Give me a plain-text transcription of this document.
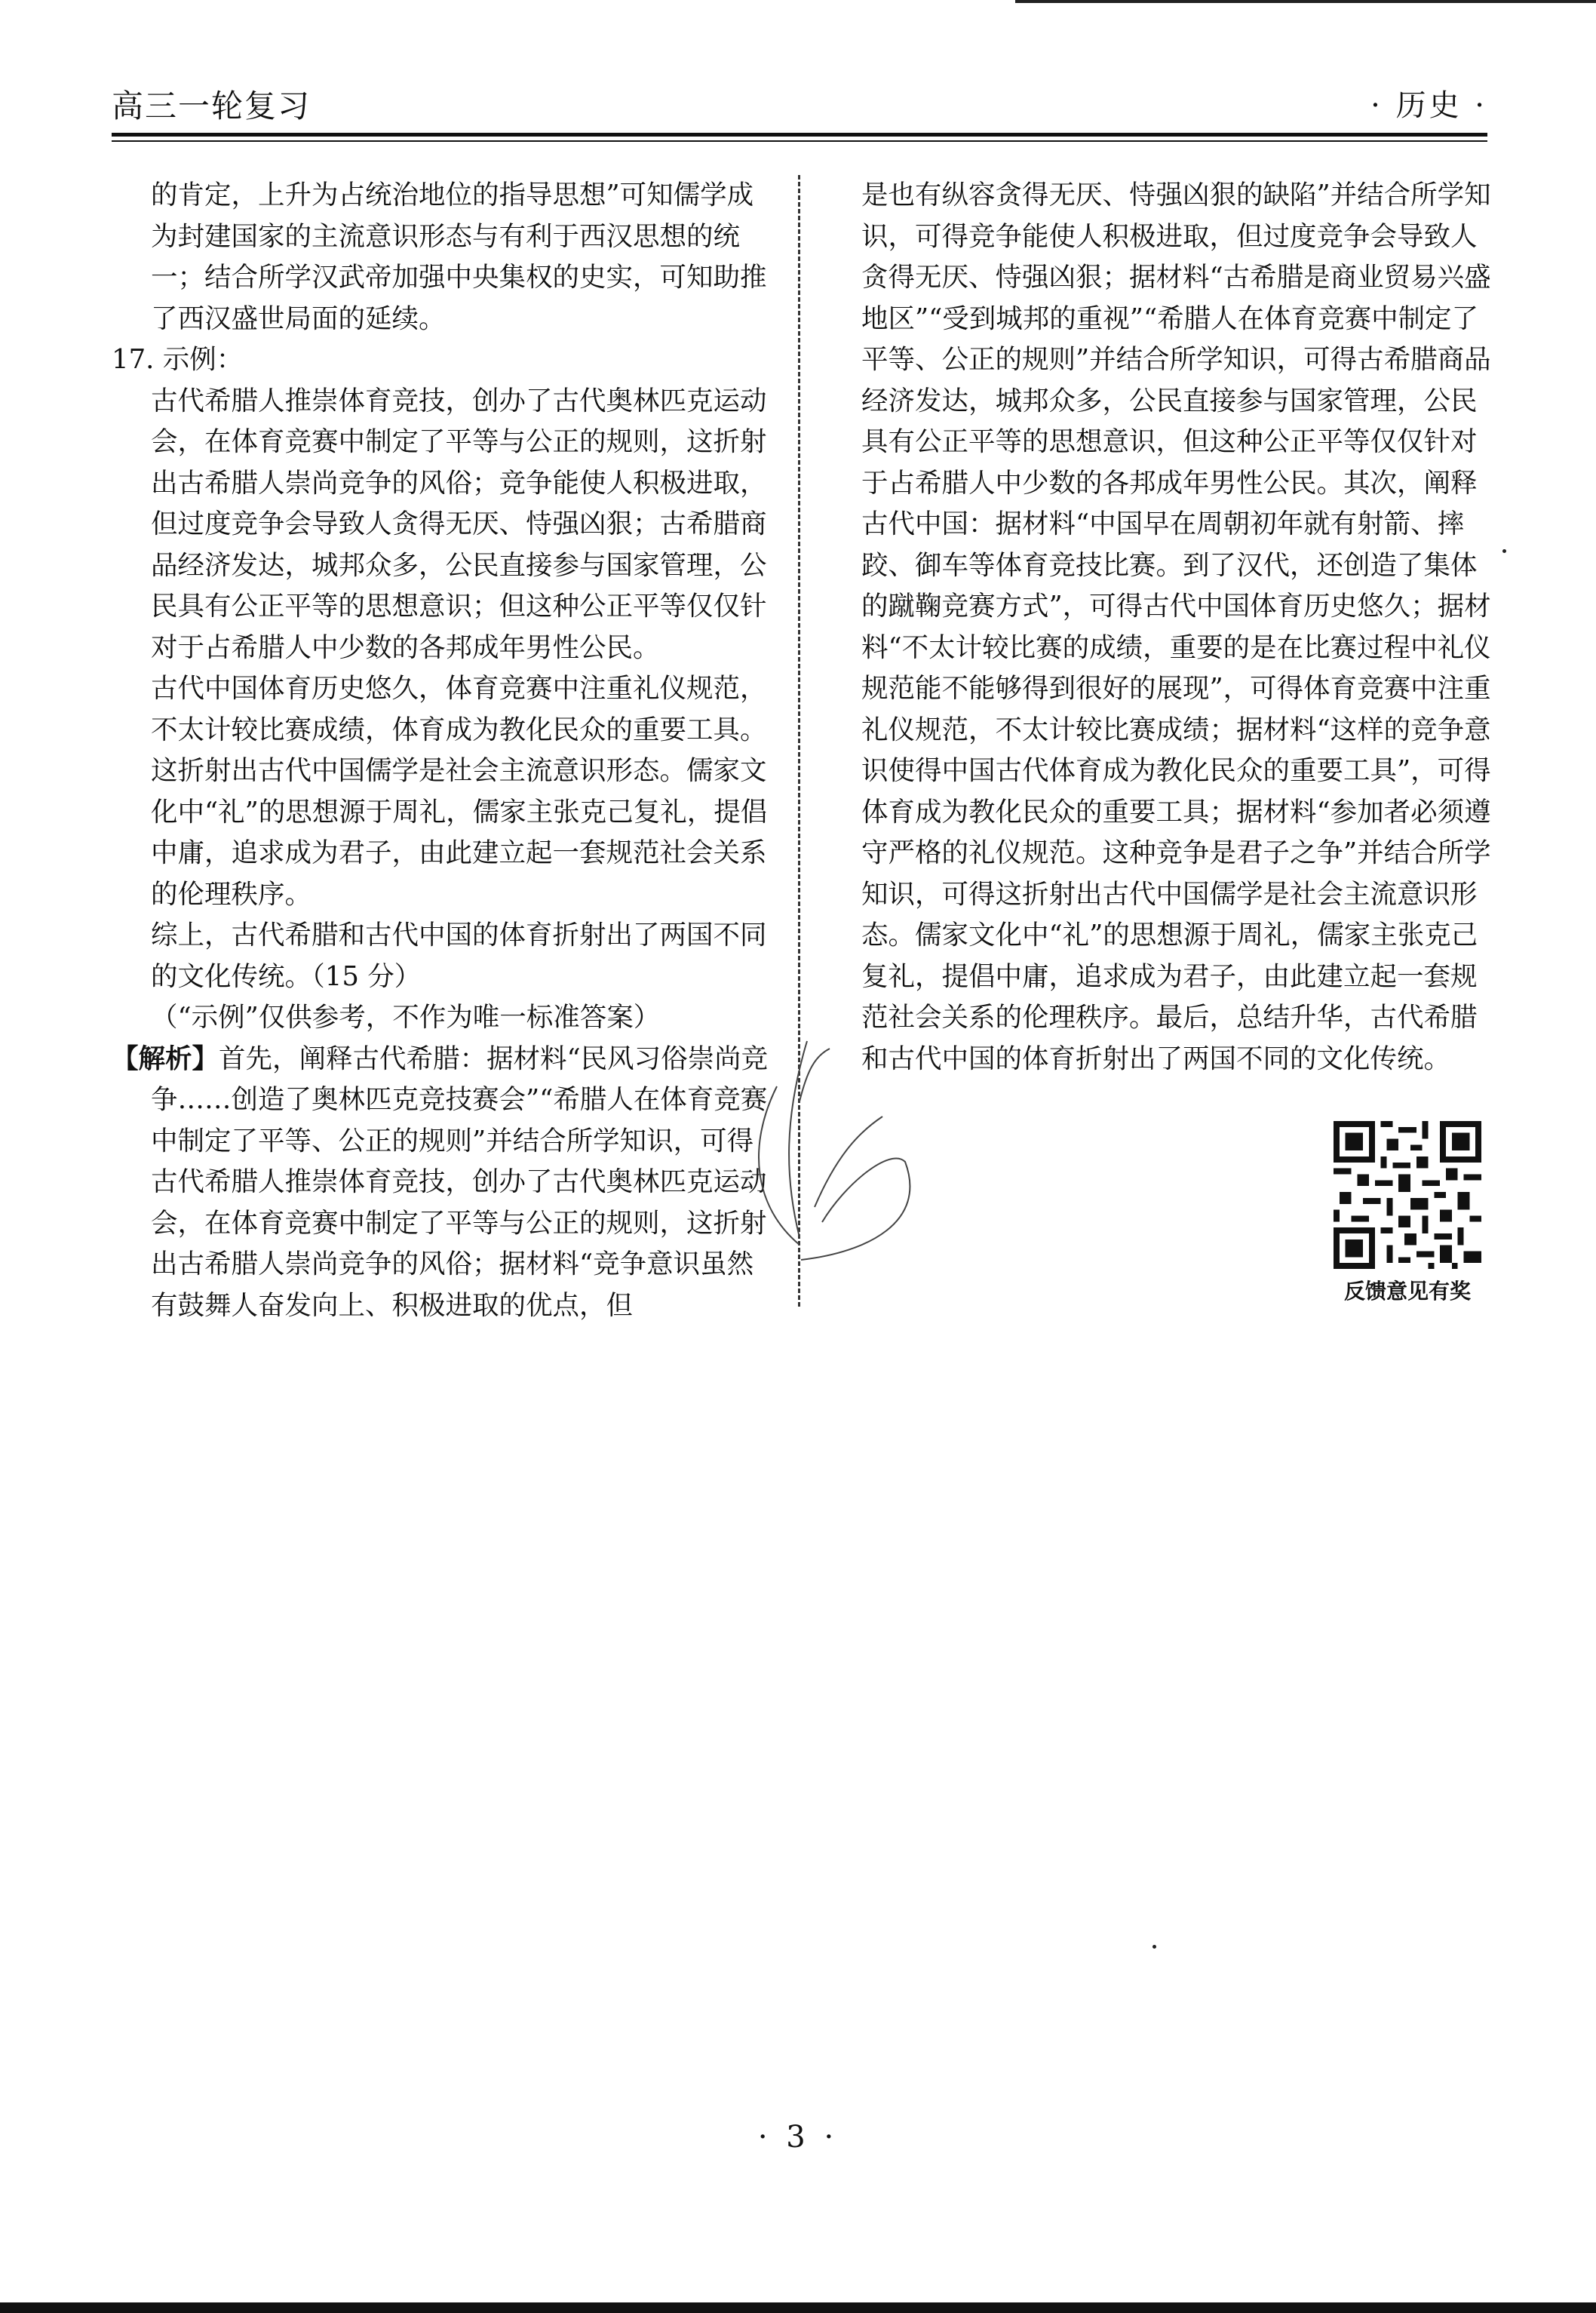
高三一轮复习	· 历史 ·

的肯定，上升为占统治地位的指导思想”可知儒学成为封建国家的主流意识形态与有利于西汉思想的统一；结合所学汉武帝加强中央集权的史实，可知助推了西汉盛世局面的延续。

17. 示例：

古代希腊人推崇体育竞技，创办了古代奥林匹克运动会，在体育竞赛中制定了平等与公正的规则，这折射出古希腊人崇尚竞争的风俗；竞争能使人积极进取，但过度竞争会导致人贪得无厌、恃强凶狠；古希腊商品经济发达，城邦众多，公民直接参与国家管理，公民具有公正平等的思想意识；但这种公正平等仅仅针对于占希腊人中少数的各邦成年男性公民。

古代中国体育历史悠久，体育竞赛中注重礼仪规范，不太计较比赛成绩，体育成为教化民众的重要工具。这折射出古代中国儒学是社会主流意识形态。儒家文化中“礼”的思想源于周礼，儒家主张克己复礼，提倡中庸，追求成为君子，由此建立起一套规范社会关系的伦理秩序。

综上，古代希腊和古代中国的体育折射出了两国不同的文化传统。（15 分）

（“示例”仅供参考，不作为唯一标准答案）

【解析】首先，阐释古代希腊：据材料“民风习俗崇尚竞争……创造了奥林匹克竞技赛会”“希腊人在体育竞赛中制定了平等、公正的规则”并结合所学知识，可得古代希腊人推崇体育竞技，创办了古代奥林匹克运动会，在体育竞赛中制定了平等与公正的规则，这折射出古希腊人崇尚竞争的风俗；据材料“竞争意识虽然有鼓舞人奋发向上、积极进取的优点，但

是也有纵容贪得无厌、恃强凶狠的缺陷”并结合所学知识，可得竞争能使人积极进取，但过度竞争会导致人贪得无厌、恃强凶狠；据材料“古希腊是商业贸易兴盛地区”“受到城邦的重视”“希腊人在体育竞赛中制定了平等、公正的规则”并结合所学知识，可得古希腊商品经济发达，城邦众多，公民直接参与国家管理，公民具有公正平等的思想意识，但这种公正平等仅仅针对于占希腊人中少数的各邦成年男性公民。其次，阐释古代中国：据材料“中国早在周朝初年就有射箭、摔跤、御车等体育竞技比赛。到了汉代，还创造了集体的蹴鞠竞赛方式”，可得古代中国体育历史悠久；据材料“不太计较比赛的成绩，重要的是在比赛过程中礼仪规范能不能够得到很好的展现”，可得体育竞赛中注重礼仪规范，不太计较比赛成绩；据材料“这样的竞争意识使得中国古代体育成为教化民众的重要工具”，可得体育成为教化民众的重要工具；据材料“参加者必须遵守严格的礼仪规范。这种竞争是君子之争”并结合所学知识，可得这折射出古代中国儒学是社会主流意识形态。儒家文化中“礼”的思想源于周礼，儒家主张克己复礼，提倡中庸，追求成为君子，由此建立起一套规范社会关系的伦理秩序。最后，总结升华，古代希腊和古代中国的体育折射出了两国不同的文化传统。

反馈意见有奖
· 3 ·
